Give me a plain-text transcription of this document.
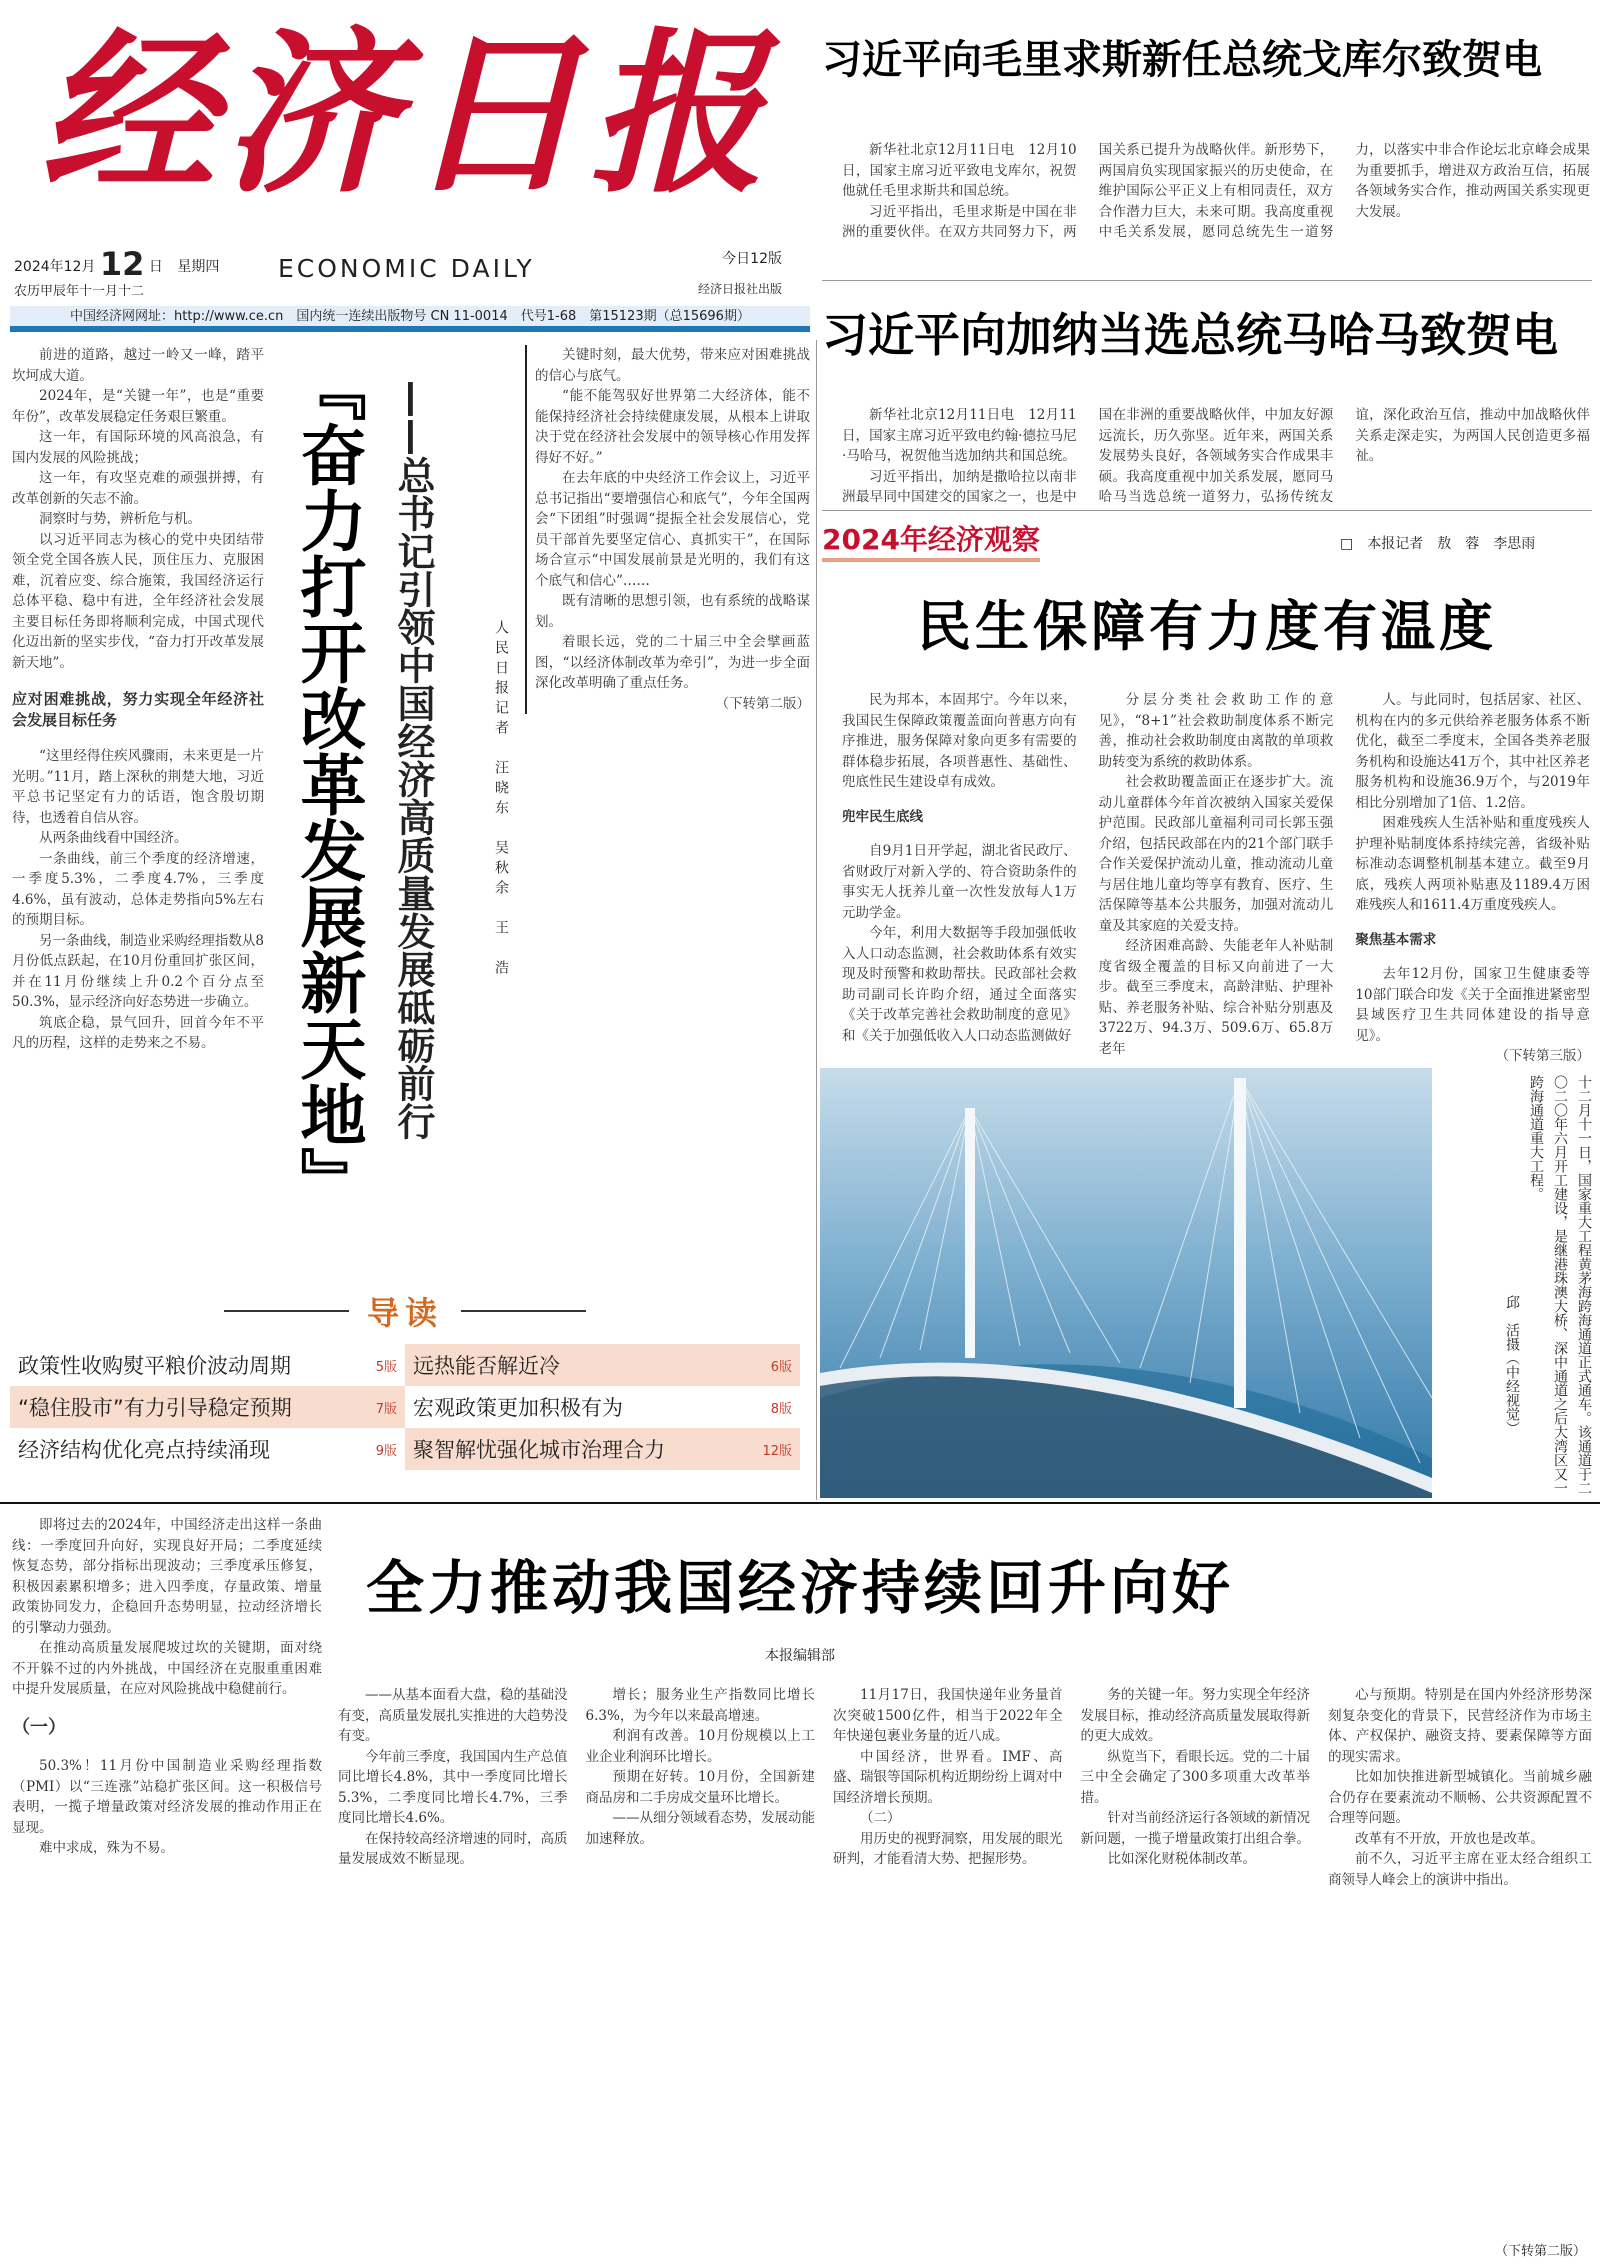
经济日报
2024年12月 12 日 星期四
农历甲辰年十一月十二
ECONOMIC DAILY	今日12版
经济日报社出版
中国经济网网址：http://www.ce.cn　国内统一连续出版物号 CN 11-0014　代号1-68　第15123期（总15696期）
习近平向毛里求斯新任总统戈库尔致贺电

新华社北京12月11日电　12月10日，国家主席习近平致电戈库尔，祝贺他就任毛里求斯共和国总统。

习近平指出，毛里求斯是中国在非洲的重要伙伴。在双方共同努力下，两国关系已提升为战略伙伴。新形势下，两国肩负实现国家振兴的历史使命，在维护国际公平正义上有相同责任，双方合作潜力巨大，未来可期。我高度重视中毛关系发展，愿同总统先生一道努力，以落实中非合作论坛北京峰会成果为重要抓手，增进双方政治互信，拓展各领域务实合作，推动两国关系实现更大发展。

习近平向加纳当选总统马哈马致贺电

新华社北京12月11日电　12月11日，国家主席习近平致电约翰·德拉马尼·马哈马，祝贺他当选加纳共和国总统。

习近平指出，加纳是撒哈拉以南非洲最早同中国建交的国家之一，也是中国在非洲的重要战略伙伴，中加友好源远流长，历久弥坚。近年来，两国关系发展势头良好，各领域务实合作成果丰硕。我高度重视中加关系发展，愿同马哈马当选总统一道努力，弘扬传统友谊，深化政治互信，推动中加战略伙伴关系走深走实，为两国人民创造更多福祉。

2024年经济观察	□　本报记者　敖　蓉　李思雨
民生保障有力度有温度

民为邦本，本固邦宁。今年以来，我国民生保障政策覆盖面向普惠方向有序推进，服务保障对象向更多有需要的群体稳步拓展，各项普惠性、基础性、兜底性民生建设卓有成效。

兜牢民生底线

自9月1日开学起，湖北省民政厅、省财政厅对新入学的、符合资助条件的事实无人抚养儿童一次性发放每人1万元助学金。

今年，利用大数据等手段加强低收入人口动态监测，社会救助体系有效实现及时预警和救助帮扶。民政部社会救助司副司长许昀介绍，通过全面落实《关于改革完善社会救助制度的意见》和《关于加强低收入人口动态监测做好

分层分类社会救助工作的意见》，“8+1”社会救助制度体系不断完善，推动社会救助制度由离散的单项救助转变为系统的救助体系。

社会救助覆盖面正在逐步扩大。流动儿童群体今年首次被纳入国家关爱保护范围。民政部儿童福利司司长郭玉强介绍，包括民政部在内的21个部门联手合作关爱保护流动儿童，推动流动儿童与居住地儿童均等享有教育、医疗、生活保障等基本公共服务，加强对流动儿童及其家庭的关爱支持。

经济困难高龄、失能老年人补贴制度省级全覆盖的目标又向前进了一大步。截至三季度末，高龄津贴、护理补贴、养老服务补贴、综合补贴分别惠及3722万、94.3万、509.6万、65.8万老年

人。与此同时，包括居家、社区、机构在内的多元供给养老服务体系不断优化，截至二季度末，全国各类养老服务机构和设施达41万个，其中社区养老服务机构和设施36.9万个，与2019年相比分别增加了1倍、1.2倍。

困难残疾人生活补贴和重度残疾人护理补贴制度体系持续完善，省级补贴标准动态调整机制基本建立。截至9月底，残疾人两项补贴惠及1189.4万困难残疾人和1611.4万重度残疾人。

聚焦基本需求

去年12月份，国家卫生健康委等10部门联合印发《关于全面推进紧密型县域医疗卫生共同体建设的指导意见》。

（下转第三版）

十二月十一日，国家重大工程黄茅海跨海通道正式通车。该通道于二〇二〇年六月开工建设，是继港珠澳大桥、深中通道之后大湾区又一跨海通道重大工程。
邱　活摄（中经视觉）

前进的道路，越过一岭又一峰，踏平坎坷成大道。

2024年，是“关键一年”，也是“重要年份”，改革发展稳定任务艰巨繁重。

这一年，有国际环境的风高浪急，有国内发展的风险挑战；

这一年，有攻坚克难的顽强拼搏，有改革创新的矢志不渝。

洞察时与势，辨析危与机。

以习近平同志为核心的党中央团结带领全党全国各族人民，顶住压力、克服困难，沉着应变、综合施策，我国经济运行总体平稳、稳中有进，全年经济社会发展主要目标任务即将顺利完成，中国式现代化迈出新的坚实步伐，“奋力打开改革发展新天地”。

应对困难挑战，努力实现全年经济社会发展目标任务

“这里经得住疾风骤雨，未来更是一片光明。”11月，踏上深秋的荆楚大地，习近平总书记坚定有力的话语，饱含殷切期待，也透着自信从容。

从两条曲线看中国经济。

一条曲线，前三个季度的经济增速，一季度5.3%，二季度4.7%，三季度4.6%，虽有波动，总体走势指向5%左右的预期目标。

另一条曲线，制造业采购经理指数从8月份低点跃起，在10月份重回扩张区间，并在11月份继续上升0.2个百分点至50.3%，显示经济向好态势进一步确立。

筑底企稳，景气回升，回首今年不平凡的历程，这样的走势来之不易。	『奋力打开改革发展新天地』 ——总书记引领中国经济高质量发展砥砺前行	人民日报记者　汪晓东　吴秋余　王　浩

关键时刻，最大优势，带来应对困难挑战的信心与底气。

“能不能驾驭好世界第二大经济体，能不能保持经济社会持续健康发展，从根本上讲取决于党在经济社会发展中的领导核心作用发挥得好不好。”

在去年底的中央经济工作会议上，习近平总书记指出“要增强信心和底气”，今年全国两会“下团组”时强调“提振全社会发展信心，党员干部首先要坚定信心、真抓实干”，在国际场合宣示“中国发展前景是光明的，我们有这个底气和信心”……

既有清晰的思想引领，也有系统的战略谋划。

着眼长远，党的二十届三中全会擘画蓝图，“以经济体制改革为牵引”，为进一步全面深化改革明确了重点任务。

（下转第二版）

导读
政策性收购熨平粮价波动周期	5版 远热能否解近冷	6版
“稳住股市”有力引导稳定预期	7版 宏观政策更加积极有为	8版
经济结构优化亮点持续涌现	9版 聚智解忧强化城市治理合力	12版

即将过去的2024年，中国经济走出这样一条曲线：一季度回升向好，实现良好开局；二季度延续恢复态势，部分指标出现波动；三季度承压修复，积极因素累积增多；进入四季度，存量政策、增量政策协同发力，企稳回升态势明显，拉动经济增长的引擎动力强劲。

在推动高质量发展爬坡过坎的关键期，面对绕不开躲不过的内外挑战，中国经济在克服重重困难中提升发展质量，在应对风险挑战中稳健前行。

（一）

50.3%！11月份中国制造业采购经理指数（PMI）以“三连涨”站稳扩张区间。这一积极信号表明，一揽子增量政策对经济发展的推动作用正在显现。

难中求成，殊为不易。

全力推动我国经济持续回升向好
本报编辑部

——从基本面看大盘，稳的基础没有变，高质量发展扎实推进的大趋势没有变。

今年前三季度，我国国内生产总值同比增长4.8%，其中一季度同比增长5.3%，二季度同比增长4.7%，三季度同比增长4.6%。

在保持较高经济增速的同时，高质量发展成效不断显现。

增长；服务业生产指数同比增长6.3%，为今年以来最高增速。

利润有改善。10月份规模以上工业企业利润环比增长。

预期在好转。10月份，全国新建商品房和二手房成交量环比增长。

——从细分领域看态势，发展动能加速释放。

11月17日，我国快递年业务量首次突破1500亿件，相当于2022年全年快递包裹业务量的近八成。

中国经济，世界看。IMF、高盛、瑞银等国际机构近期纷纷上调对中国经济增长预期。

（二）

用历史的视野洞察，用发展的眼光研判，才能看清大势、把握形势。

务的关键一年。努力实现全年经济发展目标，推动经济高质量发展取得新的更大成效。

纵览当下，看眼长远。党的二十届三中全会确定了300多项重大改革举措。

针对当前经济运行各领域的新情况新问题，一揽子增量政策打出组合拳。

比如深化财税体制改革。

心与预期。特别是在国内外经济形势深刻复杂变化的背景下，民营经济作为市场主体、产权保护、融资支持、要素保障等方面的现实需求。

比如加快推进新型城镇化。当前城乡融合仍存在要素流动不顺畅、公共资源配置不合理等问题。

改革有不开放，开放也是改革。

前不久，习近平主席在亚太经合组织工商领导人峰会上的演讲中指出。

（下转第二版）
